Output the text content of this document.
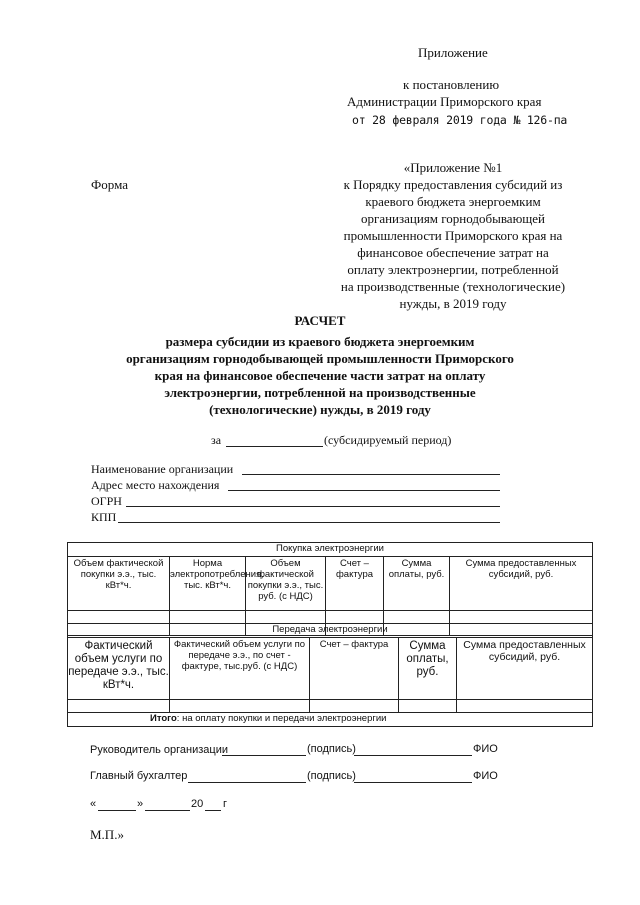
Приложение
к постановлению
Администрации Приморского края
от 28 февраля 2019 года № 126-па
Форма
«Приложение №1
к Порядку предоставления субсидий из
краевого бюджета энергоемким
организациям горнодобывающей
промышленности Приморского края на
финансовое обеспечение затрат на
оплату электроэнергии, потребленной
на производственные (технологические)
нужды, в 2019 году
РАСЧЕТ
размера субсидии из краевого бюджета энергоемким
организациям горнодобывающей промышленности Приморского
края на финансовое обеспечение части затрат на оплату
электроэнергии, потребленной на производственные
(технологические) нужды, в 2019 году
за	(субсидируемый период)
Наименование организации
Адрес место нахождения
ОГРН
КПП
Покупка электроэнергии					

Объем фактической покупки э.э., тыс. кВт*ч.	Норма электропотребления, тыс. кВт*ч.	Объем фактической покупки э.э., тыс. руб. (с НДС)	Счет – фактура	Сумма оплаты, руб.	Сумма предоставленных субсидий, руб.

Передача электроэнергии				

Фактический объем услуги по передаче э.э., тыс. кВт*ч.	Фактический объем услуги по передаче э.э., по счет - фактуре, тыс.руб. (с НДС)	Счет – фактура	Сумма оплаты, руб.	Сумма предоставленных субсидий, руб.

Итого: на оплату покупки и передачи электроэнергии				
Руководитель организации	(подпись)	ФИО
Главный бухгалтер	(подпись)	ФИО
«	»	20 г
М.П.»
